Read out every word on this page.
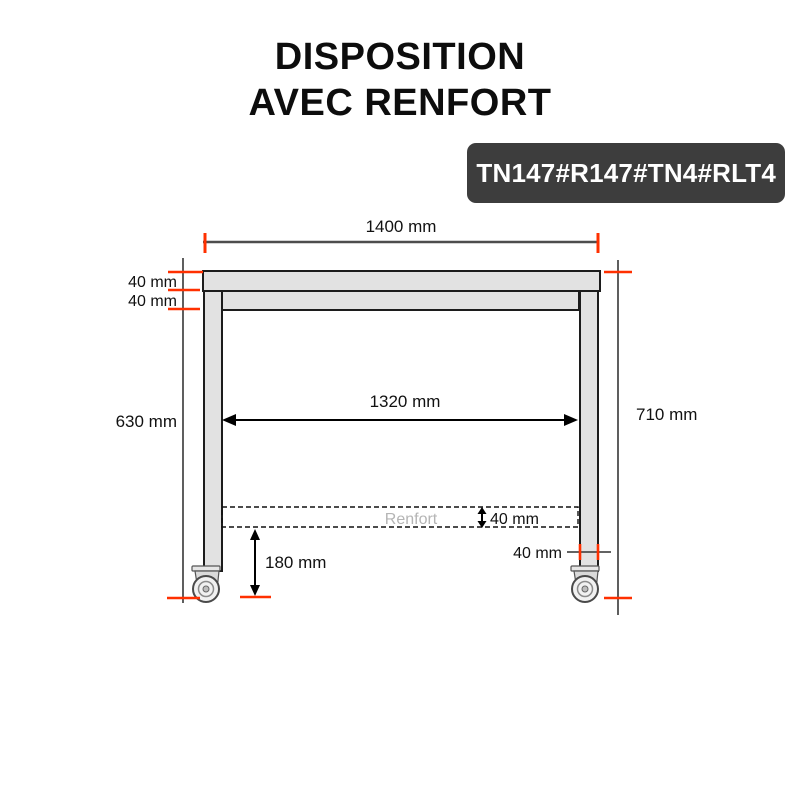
DISPOSITION
AVEC RENFORT
TN147#R147#TN4#RLT4
1400 mm
40 mm
40 mm
630 mm	710 mm
1320 mm
Renfort	40 mm
40 mm
180 mm
